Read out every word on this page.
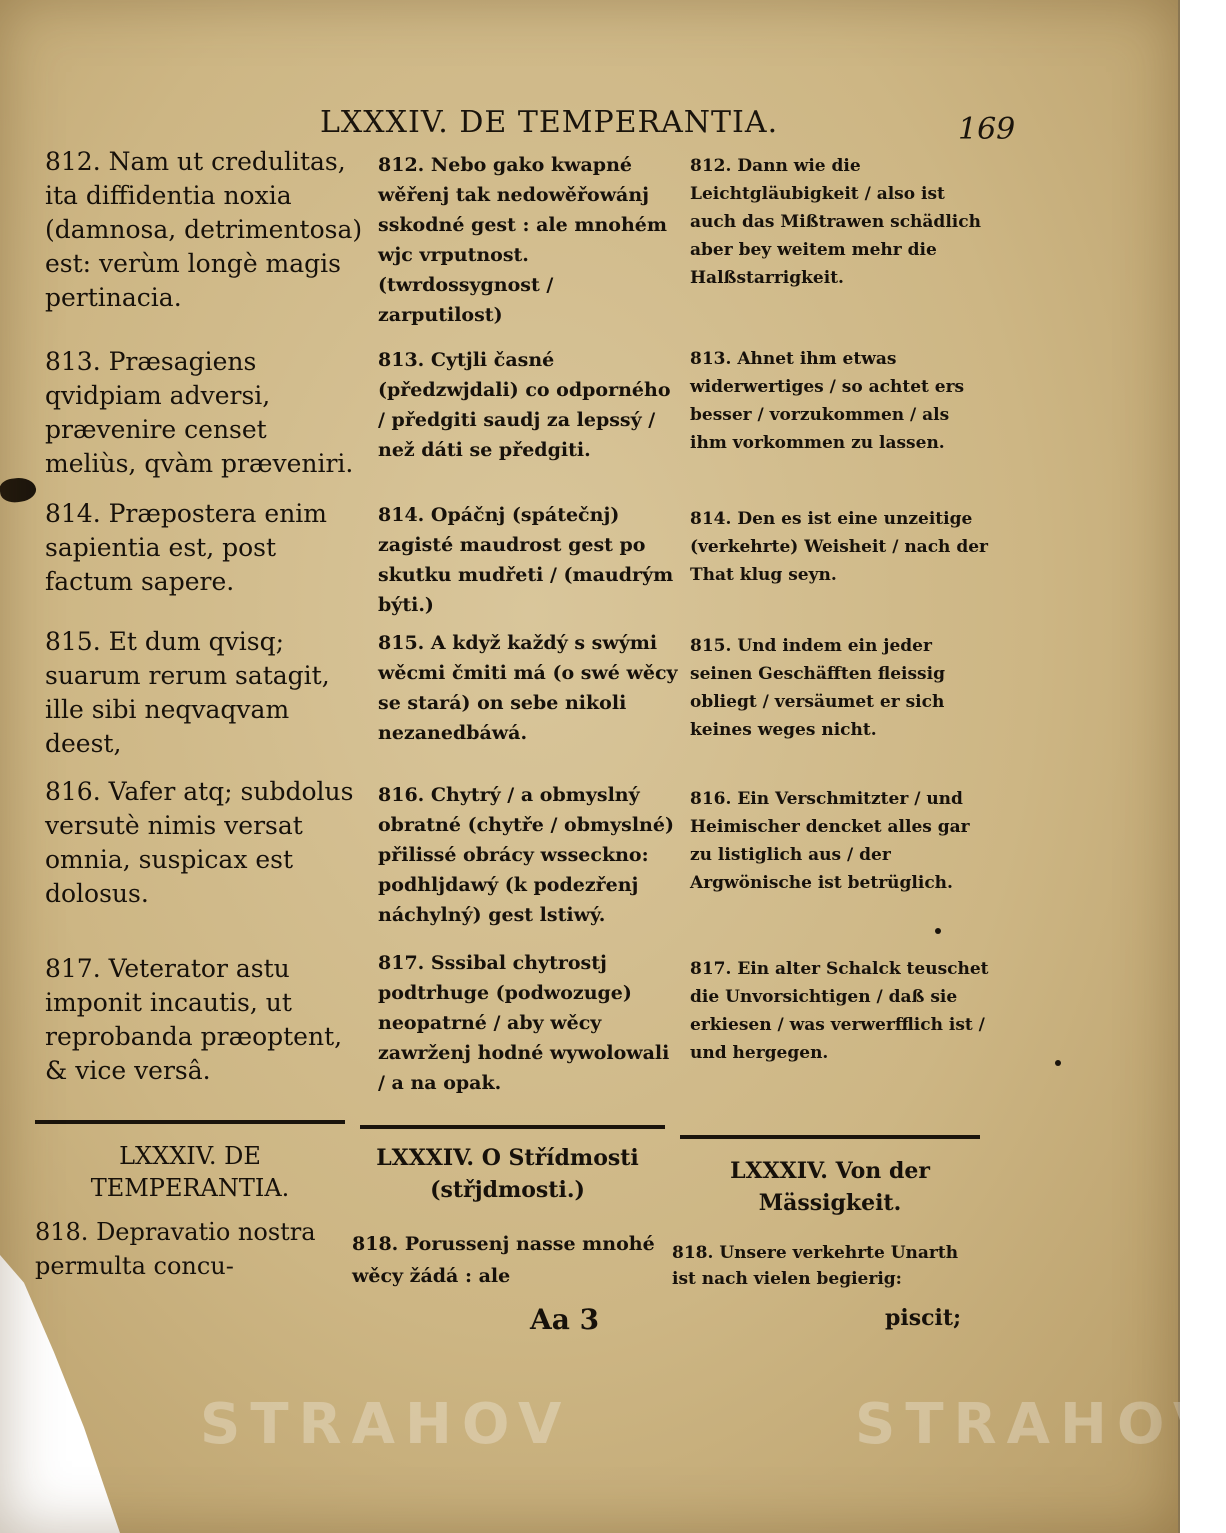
LXXXIV. DE TEMPERANTIA.	169

812. Nam ut credulitas, ita diffidentia noxia (damnosa, detrimentosa) est: verùm longè magis pertinacia.

813. Præsagiens qvidpiam adversi, prævenire censet meliùs, qvàm præveniri.

814. Præpostera enim sapientia est, post factum sapere.

815. Et dum qvisq; suarum rerum satagit, ille sibi neqvaqvam deest,

816. Vafer atq; subdolus versutè nimis versat omnia, suspicax est dolosus.

817. Veterator astu imponit incautis, ut reprobanda præoptent, & vice versâ.

812. Nebo gako kwapné wěřenj tak nedowěřowánj sskodné gest : ale mnohém wjc vrputnost. (twrdossygnost / zarputilost)

813. Cytjli časné (předzwjdali) co odporného / předgiti saudj za lepssý / než dáti se předgiti.

814. Opáčnj (spátečnj) zagisté maudrost gest po skutku mudřeti / (maudrým býti.)

815. A když každý s swými wěcmi čmiti má (o swé wěcy se stará) on sebe nikoli nezanedbáwá.

816. Chytrý / a obmyslný obratné (chytře / obmyslné) přilissé obrácy wsseckno: podhljdawý (k podezřenj náchylný) gest lstiwý.

817. Sssibal chytrostj podtrhuge (podwozuge) neopatrné / aby wěcy zawrženj hodné wywolowali / a na opak.

812. Dann wie die Leichtgläubigkeit / also ist auch das Mißtrawen schädlich aber bey weitem mehr die Halßstarrigkeit.

813. Ahnet ihm etwas widerwertiges / so achtet ers besser / vorzukommen / als ihm vorkommen zu lassen.

814. Den es ist eine unzeitige (verkehrte) Weisheit / nach der That klug seyn.

815. Und indem ein jeder seinen Geschäfften fleissig obliegt / versäumet er sich keines weges nicht.

816. Ein Verschmitzter / und Heimischer dencket alles gar zu listiglich aus / der Argwönische ist betrüglich.

817. Ein alter Schalck teuschet die Unvorsichtigen / daß sie erkiesen / was verwerfflich ist / und hergegen.

LXXXIV. DE TEMPERANTIA.
LXXXIV. O Střídmosti (střjdmosti.)
LXXXIV. Von der Mässigkeit.
818. Depravatio nostra permulta concu-
818. Porussenj nasse mnohé wěcy žádá : ale
818. Unsere verkehrte Unarth ist nach vielen begierig:
piscit;
Aa 3
STRAHOV	STRAHOV
